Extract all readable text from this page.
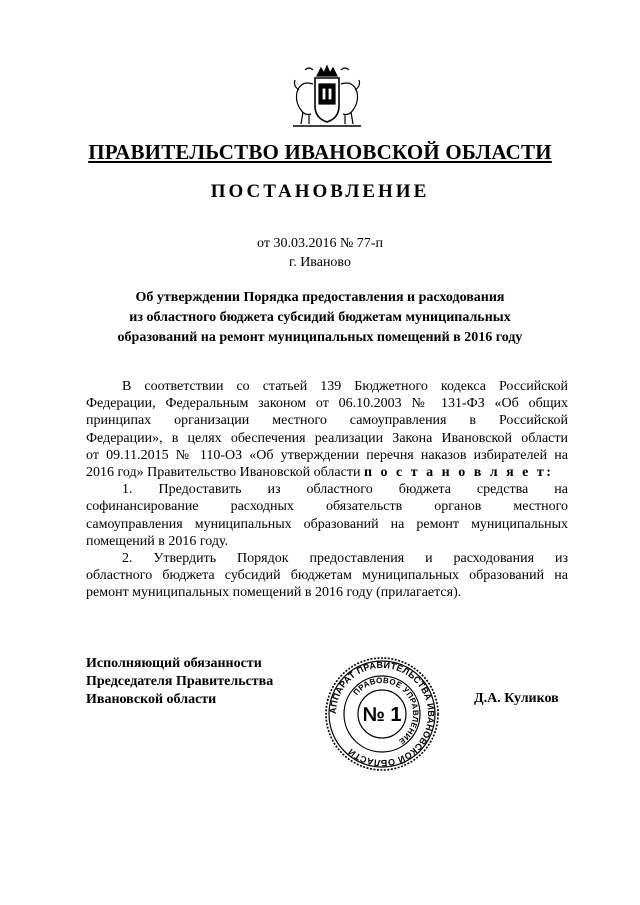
ПРАВИТЕЛЬСТВО ИВАНОВСКОЙ ОБЛАСТИ
ПОСТАНОВЛЕНИЕ
от 30.03.2016 № 77-п
г. Иваново
Об утверждении Порядка предоставления и расходования
из областного бюджета субсидий бюджетам муниципальных
образований на ремонт муниципальных помещений в 2016 году
В соответствии со статьей 139 Бюджетного кодекса Российской
Федерации, Федеральным законом от 06.10.2003 № 131-ФЗ «Об общих
принципах организации местного самоуправления в Российской
Федерации», в целях обеспечения реализации Закона Ивановской области
от 09.11.2015 № 110-ОЗ «Об утверждении перечня наказов избирателей на
2016 год» Правительство Ивановской области п о с т а н о в л я е т:
1. Предоставить из областного бюджета средства на
софинансирование расходных обязательств органов местного
самоуправления муниципальных образований на ремонт муниципальных
помещений в 2016 году.
2. Утвердить Порядок предоставления и расходования из
областного бюджета субсидий бюджетам муниципальных образований на
ремонт муниципальных помещений в 2016 году (прилагается).
Исполняющий обязанности
Председателя Правительства
Ивановской области
АППАРАТ ПРАВИТЕЛЬСТВА ИВАНОВСКОЙ ОБЛАСТИ
ПРАВОВОЕ УПРАВЛЕНИЕ
№ 1
Д.А. Куликов
